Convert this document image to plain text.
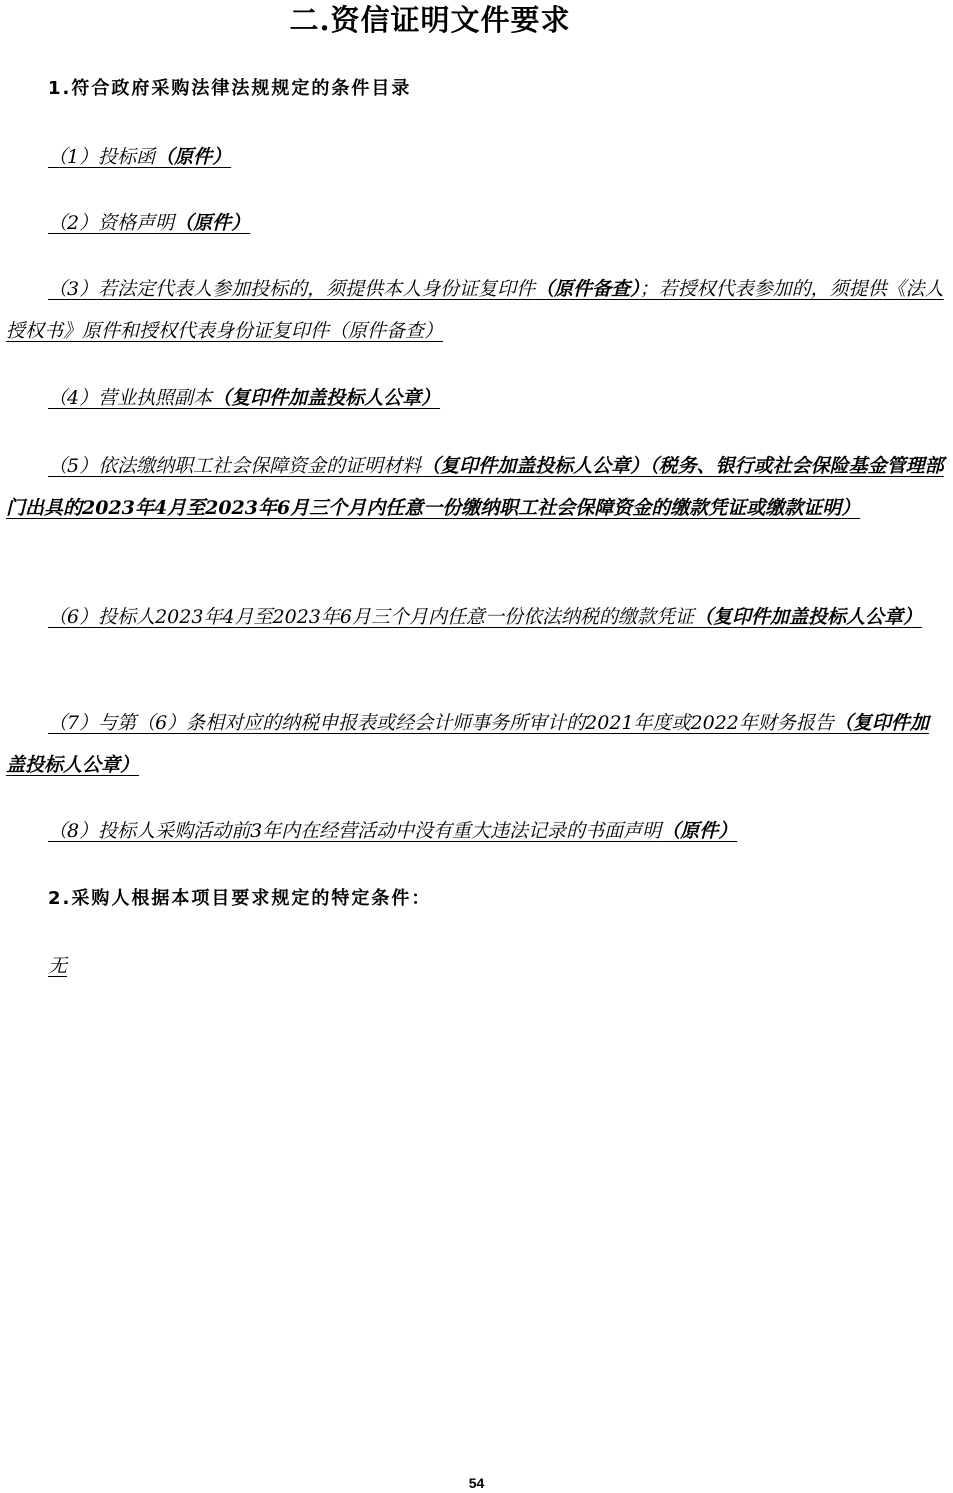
二.资信证明文件要求
1.符合政府采购法律法规规定的条件目录
（1）投标函（原件）
（2）资格声明（原件）
（3）若法定代表人参加投标的，须提供本人身份证复印件（原件备查）；若授权代表参加的，须提供《法人授权书》原件和授权代表身份证复印件（原件备查）
（4）营业执照副本（复印件加盖投标人公章）
（5）依法缴纳职工社会保障资金的证明材料（复印件加盖投标人公章）（税务、银行或社会保险基金管理部门出具的2023年4月至2023年6月三个月内任意一份缴纳职工社会保障资金的缴款凭证或缴款证明）
（6）投标人2023年4月至2023年6月三个月内任意一份依法纳税的缴款凭证（复印件加盖投标人公章）
（7）与第（6）条相对应的纳税申报表或经会计师事务所审计的2021年度或2022年财务报告（复印件加盖投标人公章）
（8）投标人采购活动前3年内在经营活动中没有重大违法记录的书面声明（原件）
2.采购人根据本项目要求规定的特定条件：
无
54
